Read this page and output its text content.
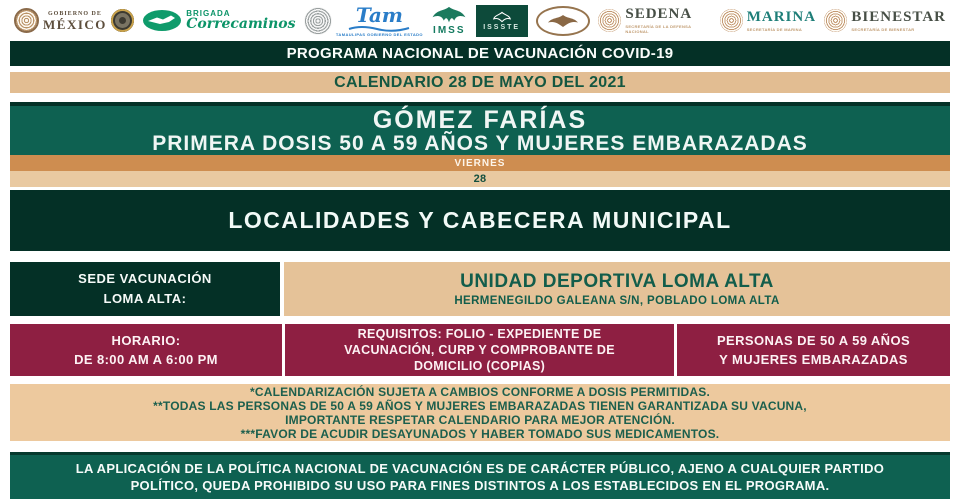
GOBIERNO DE
MÉXICO
BRIGADA
Correcaminos	Tam
TAMAULIPAS GOBIERNO DEL ESTADO IMSS	ISSSTE
SEDENA
SECRETARÍA DE LA DEFENSA NACIONAL
MARINA
SECRETARÍA DE MARINA
BIENESTAR
SECRETARÍA DE BIENESTAR
PROGRAMA NACIONAL DE VACUNACIÓN COVID-19
CALENDARIO 28 DE MAYO DEL 2021
GÓMEZ FARÍAS
PRIMERA DOSIS 50 A 59 AÑOS Y MUJERES EMBARAZADAS
VIERNES
28
LOCALIDADES Y CABECERA MUNICIPAL
SEDE VACUNACIÓN
LOMA ALTA:
UNIDAD DEPORTIVA LOMA ALTA
HERMENEGILDO GALEANA S/N, POBLADO LOMA ALTA
HORARIO:
DE 8:00 AM A 6:00 PM
REQUISITOS: FOLIO - EXPEDIENTE DE
VACUNACIÓN, CURP Y COMPROBANTE DE
DOMICILIO (COPIAS)
PERSONAS DE 50 A 59 AÑOS
Y MUJERES EMBARAZADAS
*CALENDARIZACIÓN SUJETA A CAMBIOS CONFORME A DOSIS PERMITIDAS.
**TODAS LAS PERSONAS DE 50 A 59 AÑOS Y MUJERES EMBARAZADAS TIENEN GARANTIZADA SU VACUNA,
IMPORTANTE RESPETAR CALENDARIO PARA MEJOR ATENCIÓN.
***FAVOR DE ACUDIR DESAYUNADOS Y HABER TOMADO SUS MEDICAMENTOS.
LA APLICACIÓN DE LA POLÍTICA NACIONAL DE VACUNACIÓN ES DE CARÁCTER PÚBLICO, AJENO A CUALQUIER PARTIDO
POLÍTICO, QUEDA PROHIBIDO SU USO PARA FINES DISTINTOS A LOS ESTABLECIDOS EN EL PROGRAMA.
